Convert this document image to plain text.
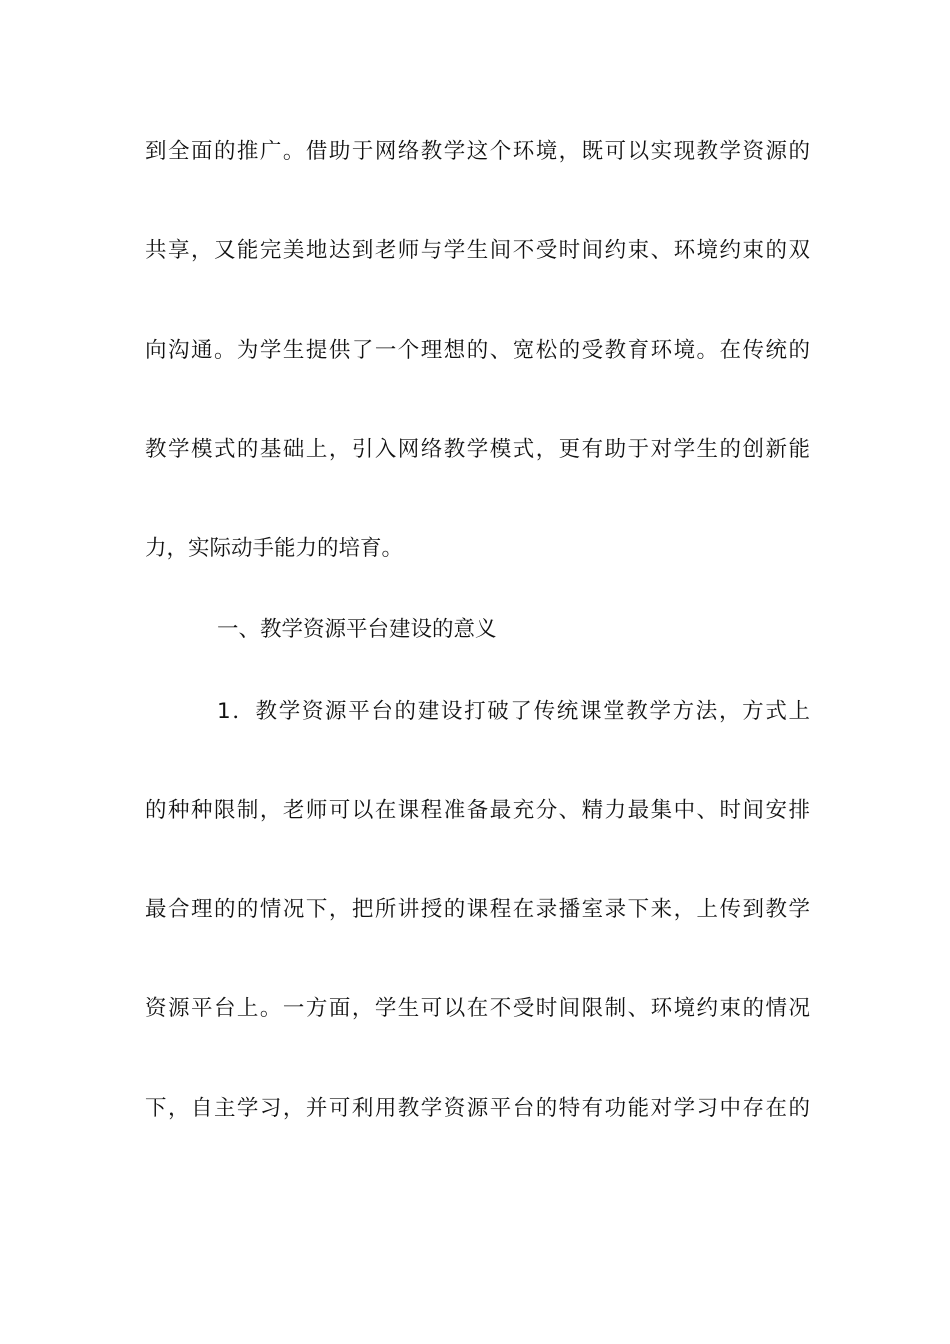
到全面的推广。借助于网络教学这个环境，既可以实现教学资源的
共享，又能完美地达到老师与学生间不受时间约束、环境约束的双
向沟通。为学生提供了一个理想的、宽松的受教育环境。在传统的
教学模式的基础上，引入网络教学模式，更有助于对学生的创新能
力，实际动手能力的培育。
一、教学资源平台建设的意义
1．教学资源平台的建设打破了传统课堂教学方法，方式上
的种种限制，老师可以在课程准备最充分、精力最集中、时间安排
最合理的的情况下，把所讲授的课程在录播室录下来，上传到教学
资源平台上。一方面，学生可以在不受时间限制、环境约束的情况
下，自主学习，并可利用教学资源平台的特有功能对学习中存在的
